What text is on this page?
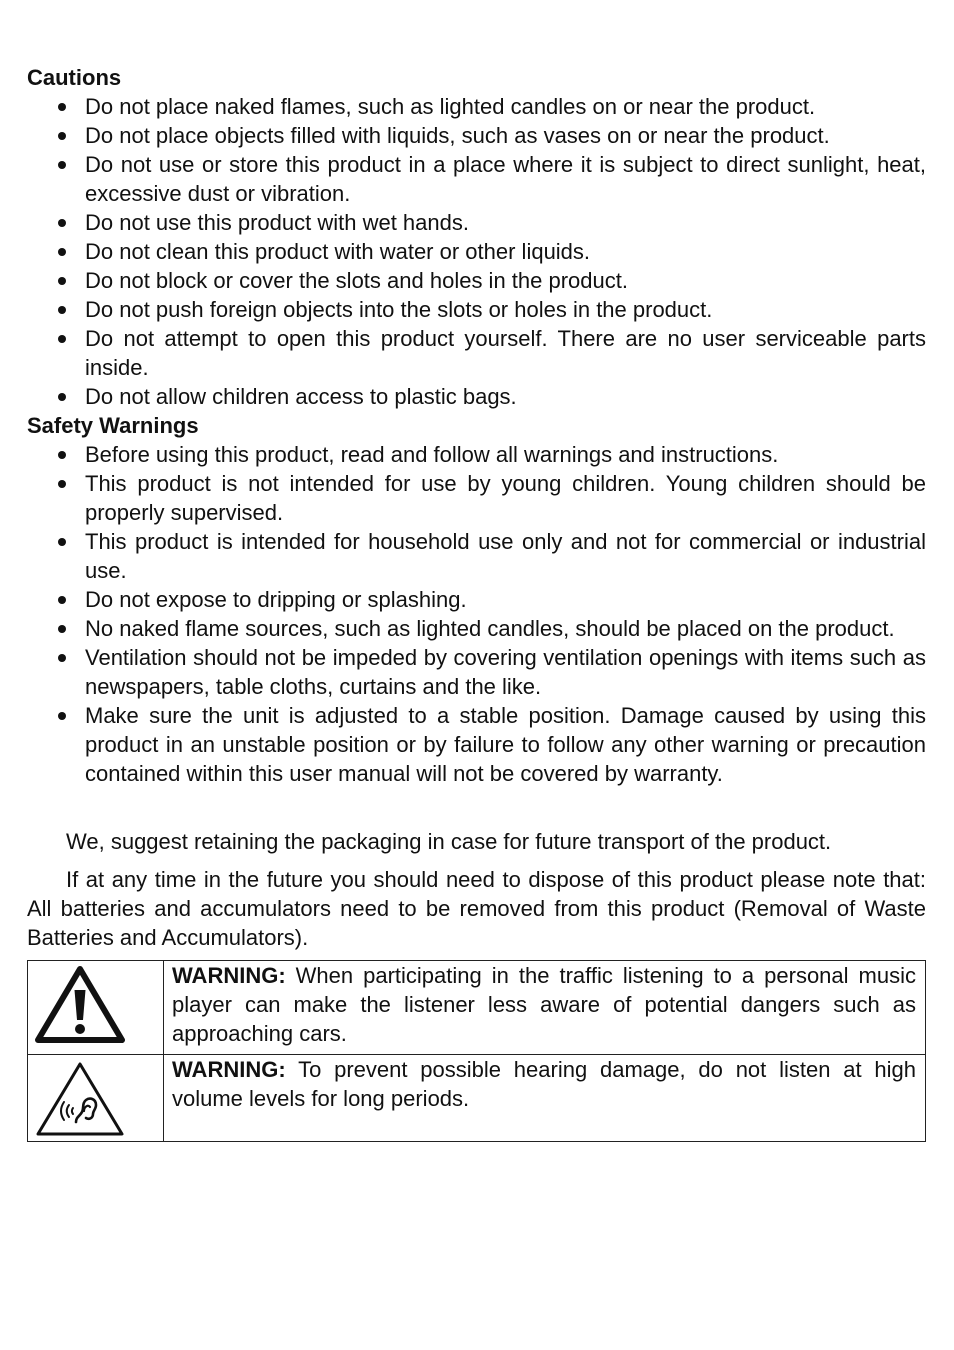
Cautions
Do not place naked flames, such as lighted candles on or near the product.
Do not place objects filled with liquids, such as vases on or near the product.
Do not use or store this product in a place where it is subject to direct sunlight, heat, excessive dust or vibration.
Do not use this product with wet hands.
Do not clean this product with water or other liquids.
Do not block or cover the slots and holes in the product.
Do not push foreign objects into the slots or holes in the product.
Do not attempt to open this product yourself. There are no user serviceable parts inside.
Do not allow children access to plastic bags.
Safety Warnings
Before using this product, read and follow all warnings and instructions.
This product is not intended for use by young children. Young children should be properly supervised.
This product is intended for household use only and not for commercial or industrial use.
Do not expose to dripping or splashing.
No naked flame sources, such as lighted candles, should be placed on the product.
Ventilation should not be impeded by covering ventilation openings with items such as newspapers, table cloths, curtains and the like.
Make sure the unit is adjusted to a stable position. Damage caused by using this product in an unstable position or by failure to follow any other warning or precaution contained within this user manual will not be covered by warranty.

We, suggest retaining the packaging in case for future transport of the product.

If at any time in the future you should need to dispose of this product please note that: All batteries and accumulators need to be removed from this product (Removal of Waste Batteries and Accumulators).

	WARNING: When participating in the traffic listening to a personal music player can make the listener less aware of potential dangers such as approaching cars.

	WARNING: To prevent possible hearing damage, do not listen at high volume levels for long periods.
